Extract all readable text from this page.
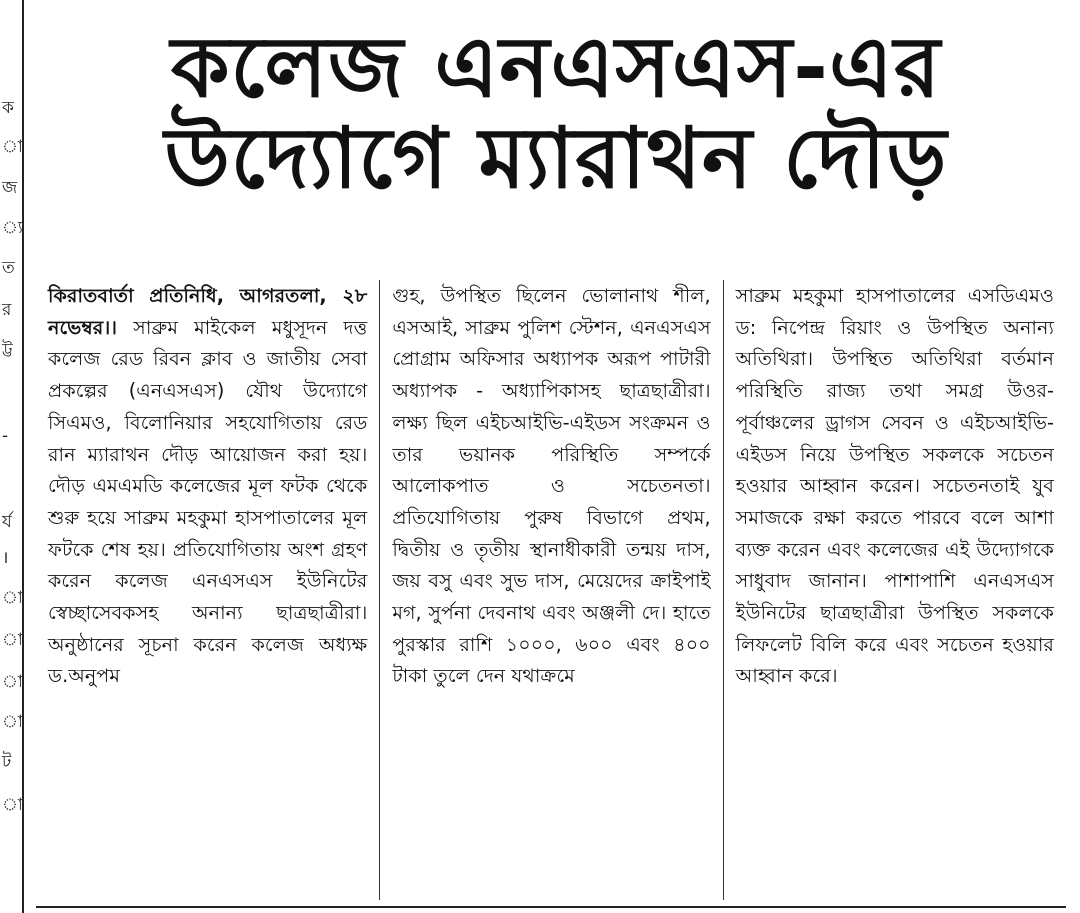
ক
া
জ
্য
ত
র
ট্ট
-
র্য
।
া
া
া
া
ট
া
কলেজ এনএসএস-এর
উদ্যোগে ম্যারাথন দৌড়

কিরাতবার্তা প্রতিনিধি, আগরতলা, ২৮ নভেম্বর।। সাব্রুম মাইকেল মধুসূদন দত্ত কলেজ রেড রিবন ক্লাব ও জাতীয় সেবা প্রকল্পের (এনএসএস) যৌথ উদ্যোগে সিএমও, বিলোনিয়ার সহযোগিতায় রেড রান ম্যারাথন দৌড় আয়োজন করা হয়। দৌড় এমএমডি কলেজের মূল ফটক থেকে শুরু হয়ে সাব্রুম মহকুমা হাসপাতালের মূল ফটকে শেষ হয়। প্রতিযোগিতায় অংশ গ্রহণ করেন কলেজ এনএসএস ইউনিটের স্বেচ্ছাসেবকসহ অনান্য ছাত্রছাত্রীরা। অনুষ্ঠানের সূচনা করেন কলেজ অধ্যক্ষ ড.অনুপম

গুহ, উপস্থিত ছিলেন ভোলানাথ শীল, এসআই, সাব্রুম পুলিশ স্টেশন, এনএসএস প্রোগ্রাম অফিসার অধ্যাপক অরূপ পাটারী অধ্যাপক - অধ্যাপিকাসহ ছাত্রছাত্রীরা। লক্ষ্য ছিল এইচআইভি-এইডস সংক্রমন ও তার ভয়ানক পরিস্থিতি সম্পর্কে আলোকপাত ও সচেতনতা। প্রতিযোগিতায় পুরুষ বিভাগে প্রথম, দ্বিতীয় ও তৃতীয় স্থানাধীকারী তন্ময় দাস, জয় বসু এবং সুভ দাস, মেয়েদের ক্রাইপাই মগ, সুর্পনা দেবনাথ এবং অঞ্জলী দে। হাতে পুরস্কার রাশি ১০০০, ৬০০ এবং ৪০০ টাকা তুলে দেন যথাক্রমে

সাব্রুম মহকুমা হাসপাতালের এসডিএমও ড: নিপেন্দ্র রিয়াং ও উপস্থিত অনান্য অতিথিরা। উপস্থিত অতিথিরা বর্তমান পরিস্থিতি রাজ্য তথা সমগ্র উওর-পূর্বাঞ্চলের ড্রাগস সেবন ও এইচআইভি-এইডস নিয়ে উপস্থিত সকলকে সচেতন হওয়ার আহ্বান করেন। সচেতনতাই যুব সমাজকে রক্ষা করতে পারবে বলে আশা ব্যক্ত করেন এবং কলেজের এই উদ্যোগকে সাধুবাদ জানান। পাশাপাশি এনএসএস ইউনিটের ছাত্রছাত্রীরা উপস্থিত সকলকে লিফলেট বিলি করে এবং সচেতন হওয়ার আহ্বান করে।
